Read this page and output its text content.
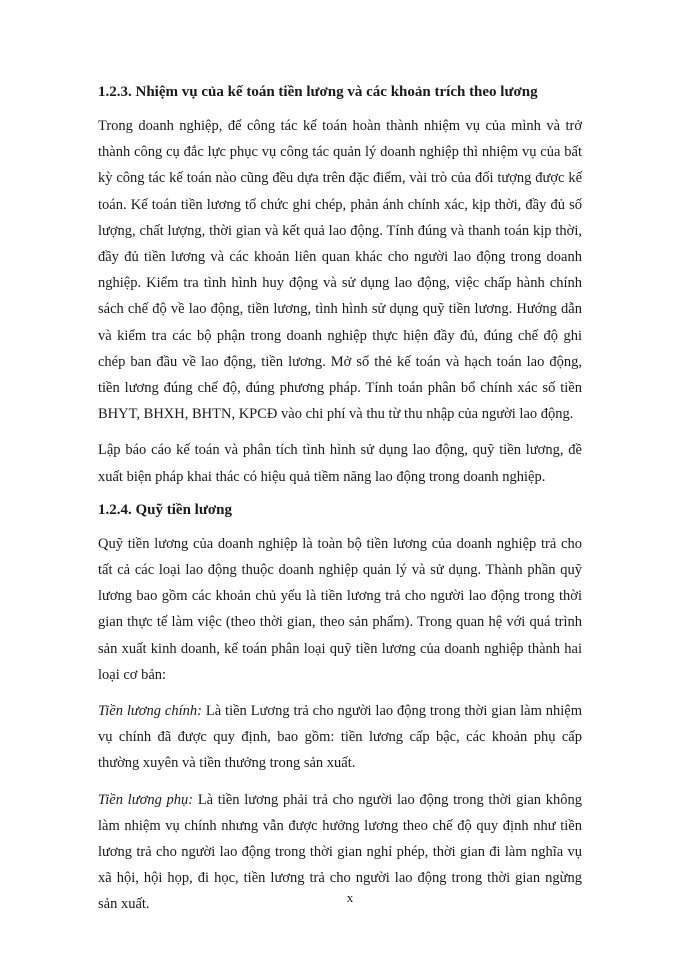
1.2.3. Nhiệm vụ của kế toán tiền lương và các khoản trích theo lương

Trong doanh nghiệp, để công tác kế toán hoàn thành nhiệm vụ của mình và trở thành công cụ đắc lực phục vụ công tác quản lý doanh nghiệp thì nhiệm vụ của bất kỳ công tác kế toán nào cũng đều dựa trên đặc điểm, vài trò của đối tượng được kế toán. Kế toán tiền lương tổ chức ghi chép, phản ánh chính xác, kịp thời, đầy đủ số lượng, chất lượng, thời gian và kết quả lao động. Tính đúng và thanh toán kịp thời, đầy đủ tiền lương và các khoản liên quan khác cho người lao động trong doanh nghiệp. Kiểm tra tình hình huy động và sử dụng lao động, việc chấp hành chính sách chế độ về lao động, tiền lương, tình hình sử dụng quỹ tiền lương. Hướng dẫn và kiểm tra các bộ phận trong doanh nghiệp thực hiện đầy đủ, đúng chế độ ghi chép ban đầu về lao động, tiền lương. Mở sổ thẻ kế toán và hạch toán lao động, tiền lương đúng chế độ, đúng phương pháp. Tính toán phân bổ chính xác số tiền BHYT, BHXH, BHTN, KPCĐ vào chi phí và thu từ thu nhập của người lao động.

Lập báo cáo kế toán và phân tích tình hình sử dụng lao động, quỹ tiền lương, đề xuất biện pháp khai thác có hiệu quả tiềm năng lao động trong doanh nghiệp.

1.2.4. Quỹ tiền lương

Quỹ tiền lương của doanh nghiệp là toàn bộ tiền lương của doanh nghiệp trả cho tất cả các loại lao động thuộc doanh nghiệp quản lý và sử dụng. Thành phần quỹ lương bao gồm các khoản chủ yếu là tiền lương trả cho người lao động trong thời gian thực tế làm việc (theo thời gian, theo sản phẩm). Trong quan hệ với quá trình sản xuất kinh doanh, kế toán phân loại quỹ tiền lương của doanh nghiệp thành hai loại cơ bản:

Tiền lương chính: Là tiền Lương trả cho người lao động trong thời gian làm nhiệm vụ chính đã được quy định, bao gồm: tiền lương cấp bậc, các khoản phụ cấp thường xuyên và tiền thưởng trong sản xuất.

Tiền lương phụ: Là tiền lương phải trả cho người lao động trong thời gian không làm nhiệm vụ chính nhưng vẫn được hưởng lương theo chế độ quy định như tiền lương trả cho người lao động trong thời gian nghỉ phép, thời gian đi làm nghĩa vụ xã hội, hội họp, đi học, tiền lương trả cho người lao động trong thời gian ngừng sản xuất.	x
